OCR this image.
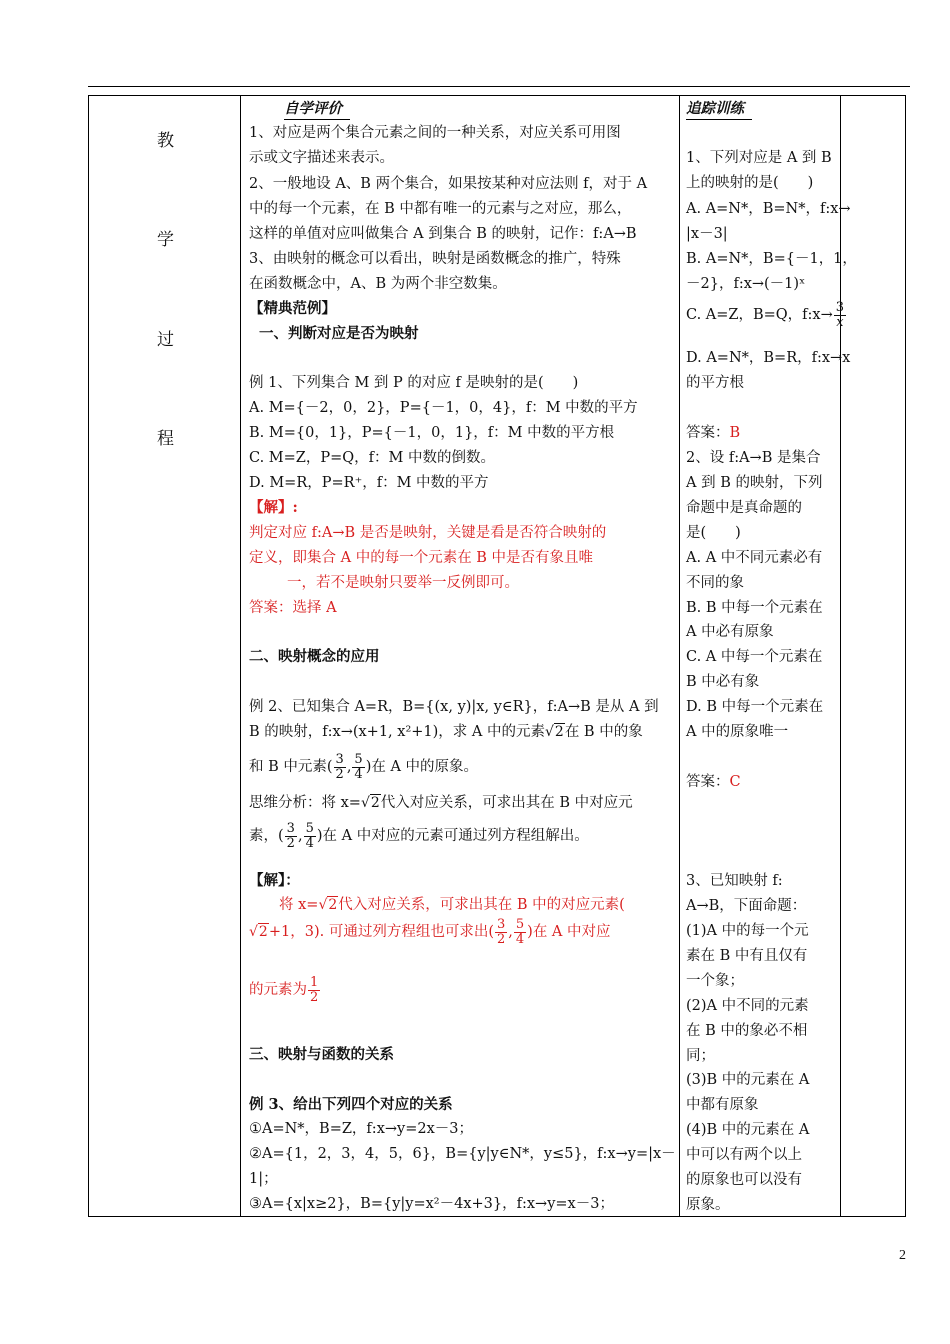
教
学
过
程
自学评价
1、对应是两个集合元素之间的一种关系，对应关系可用图
示或文字描述来表示。
2、一般地设 A、B 两个集合，如果按某种对应法则 f，对于 A
中的每一个元素，在 B 中都有唯一的元素与之对应，那么，
这样的单值对应叫做集合 A 到集合 B 的映射，记作：f:A→B
3、由映射的概念可以看出，映射是函数概念的推广，特殊
在函数概念中，A、B 为两个非空数集。
【精典范例】
一、判断对应是否为映射
例 1、下列集合 M 到 P 的对应 f 是映射的是(　　)
A. M={－2，0，2}，P={－1，0，4}，f：M 中数的平方
B. M={0，1}，P={－1，0，1}，f：M 中数的平方根
C. M=Z，P=Q，f：M 中数的倒数。
D. M=R，P=R⁺，f：M 中数的平方
【解】:
判定对应 f:A→B 是否是映射，关键是看是否符合映射的
定义，即集合 A 中的每一个元素在 B 中是否有象且唯
一，若不是映射只要举一反例即可。
答案：选择 A
二、映射概念的应用
例 2、已知集合 A=R，B={(x, y)|x, y∈R}，f:A→B 是从 A 到
B 的映射，f:x→(x+1, x²+1)，求 A 中的元素√2在 B 中的象
和 B 中元素( $\frac{3}{2}$ , $\frac{5}{4}$ )在 A 中的原象。
思维分析：将 x=√2代入对应关系，可求出其在 B 中对应元
素，( $\frac{3}{2}$ , $\frac{5}{4}$ )在 A 中对应的元素可通过列方程组解出。
【解】：
将 x=√2代入对应关系，可求出其在 B 中的对应元素(
√2+1，3). 可通过列方程组也可求出( $\frac{3}{2}$ , $\frac{5}{4}$ )在 A 中对应
的元素为 $\frac{1}{2}$
三、映射与函数的关系
例 3、给出下列四个对应的关系
①A=N*，B=Z，f:x→y=2x－3；
②A={1，2，3，4，5，6}，B={y|y∈N*，y≤5}，f:x→y=|x－
1|；
③A={x|x≥2}，B={y|y=x²－4x+3}，f:x→y=x－3；
追踪训练
1、下列对应是 A 到 B
上的映射的是(　　)
A. A=N*，B=N*，f:x→
|x－3|
B. A=N*，B={－1，1，
－2}，f:x→(－1)ˣ
C. A=Z，B=Q，f:x→ $\frac{3}{x}$
D. A=N*，B=R，f:x→x
的平方根
答案：B
2、设 f:A→B 是集合
A 到 B 的映射，下列
命题中是真命题的
是(　　)
A. A 中不同元素必有
不同的象
B. B 中每一个元素在
A 中必有原象
C. A 中每一个元素在
B 中必有象
D. B 中每一个元素在
A 中的原象唯一
答案：C
3、已知映射 f:
A→B，下面命题：
(1)A 中的每一个元
素在 B 中有且仅有
一个象；
(2)A 中不同的元素
在 B 中的象必不相
同；
(3)B 中的元素在 A
中都有原象
(4)B 中的元素在 A
中可以有两个以上
的原象也可以没有
原象。
2
